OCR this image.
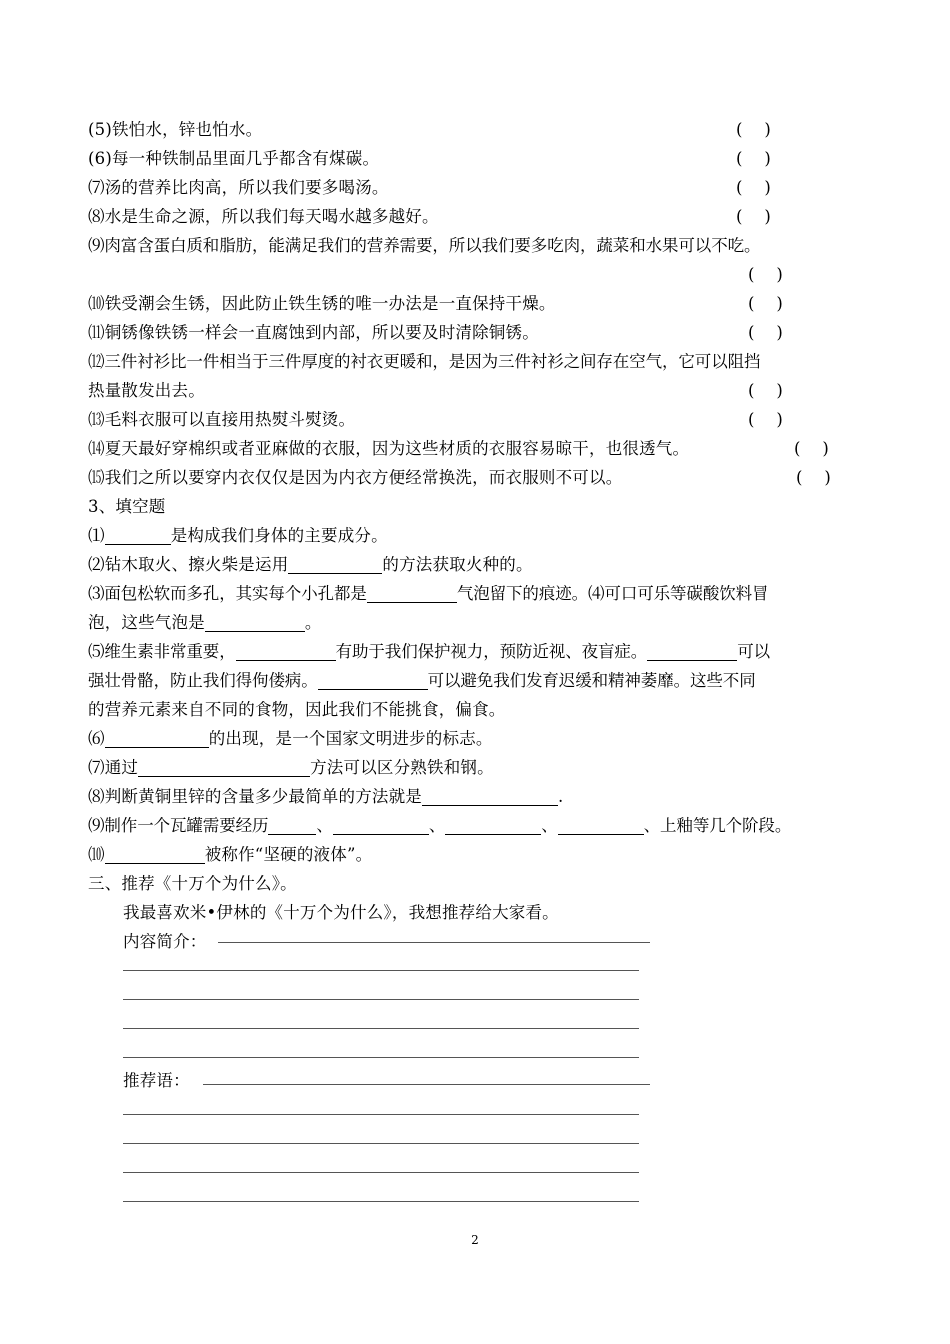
(5)铁怕水，锌也怕水。	(    )
(6)每一种铁制品里面几乎都含有煤碳。	(    )
⑺汤的营养比肉高，所以我们要多喝汤。	(    )
⑻水是生命之源，所以我们每天喝水越多越好。	(    )
⑼肉富含蛋白质和脂肪，能满足我们的营养需要，所以我们要多吃肉，蔬菜和水果可以不吃。
(    )
⑽铁受潮会生锈，因此防止铁生锈的唯一办法是一直保持干燥。	(    )
⑾铜锈像铁锈一样会一直腐蚀到内部，所以要及时清除铜锈。	(    )
⑿三件衬衫比一件相当于三件厚度的衬衣更暖和，是因为三件衬衫之间存在空气，它可以阻挡
热量散发出去。	(    )
⒀毛料衣服可以直接用热熨斗熨烫。	(    )
⒁夏天最好穿棉织或者亚麻做的衣服，因为这些材质的衣服容易晾干，也很透气。	(    )
⒂我们之所以要穿内衣仅仅是因为内衣方便经常换洗，而衣服则不可以。	(    )
3、填空题
⑴	是构成我们身体的主要成分。
⑵钻木取火、擦火柴是运用	的方法获取火种的。
⑶面包松软而多孔，其实每个小孔都是	气泡留下的痕迹。⑷可口可乐等碳酸饮料冒
泡，这些气泡是	。
⑸维生素非常重要，	有助于我们保护视力，预防近视、夜盲症。	可以
强壮骨骼，防止我们得佝偻病。	可以避免我们发育迟缓和精神萎靡。这些不同
的营养元素来自不同的食物，因此我们不能挑食，偏食。
⑹	的出现，是一个国家文明进步的标志。
⑺通过	方法可以区分熟铁和钢。
⑻判断黄铜里锌的含量多少最简单的方法就是	.
⑼制作一个瓦罐需要经历	、	、	、	、上釉等几个阶段。
⑽	被称作“坚硬的液体”。
三、推荐《十万个为什么》。
我最喜欢米•伊林的《十万个为什么》，我想推荐给大家看。
内容简介：
推荐语：
2
